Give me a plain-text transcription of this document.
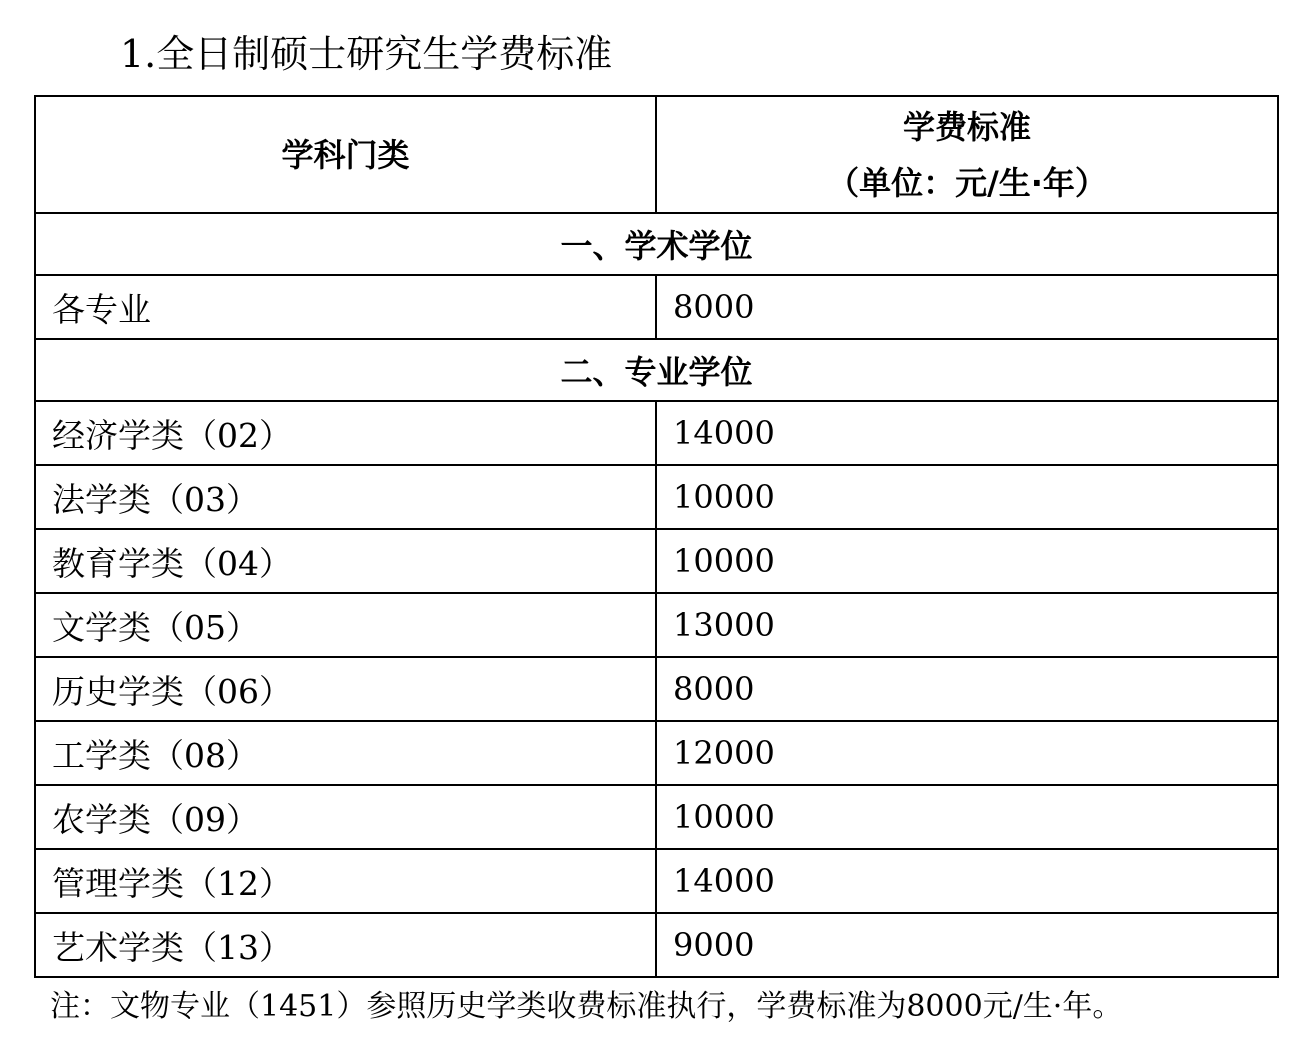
1.全日制硕士研究生学费标准
学科门类	学费标准
（单位：元/生·年）

一、学术学位	
各专业	8000
二、专业学位	
经济学类（02）	14000
法学类（03）	10000
教育学类（04）	10000
文学类（05）	13000
历史学类（06）	8000
工学类（08）	12000
农学类（09）	10000
管理学类（12）	14000
艺术学类（13）	9000
注：文物专业（1451）参照历史学类收费标准执行，学费标准为8000元/生·年。
